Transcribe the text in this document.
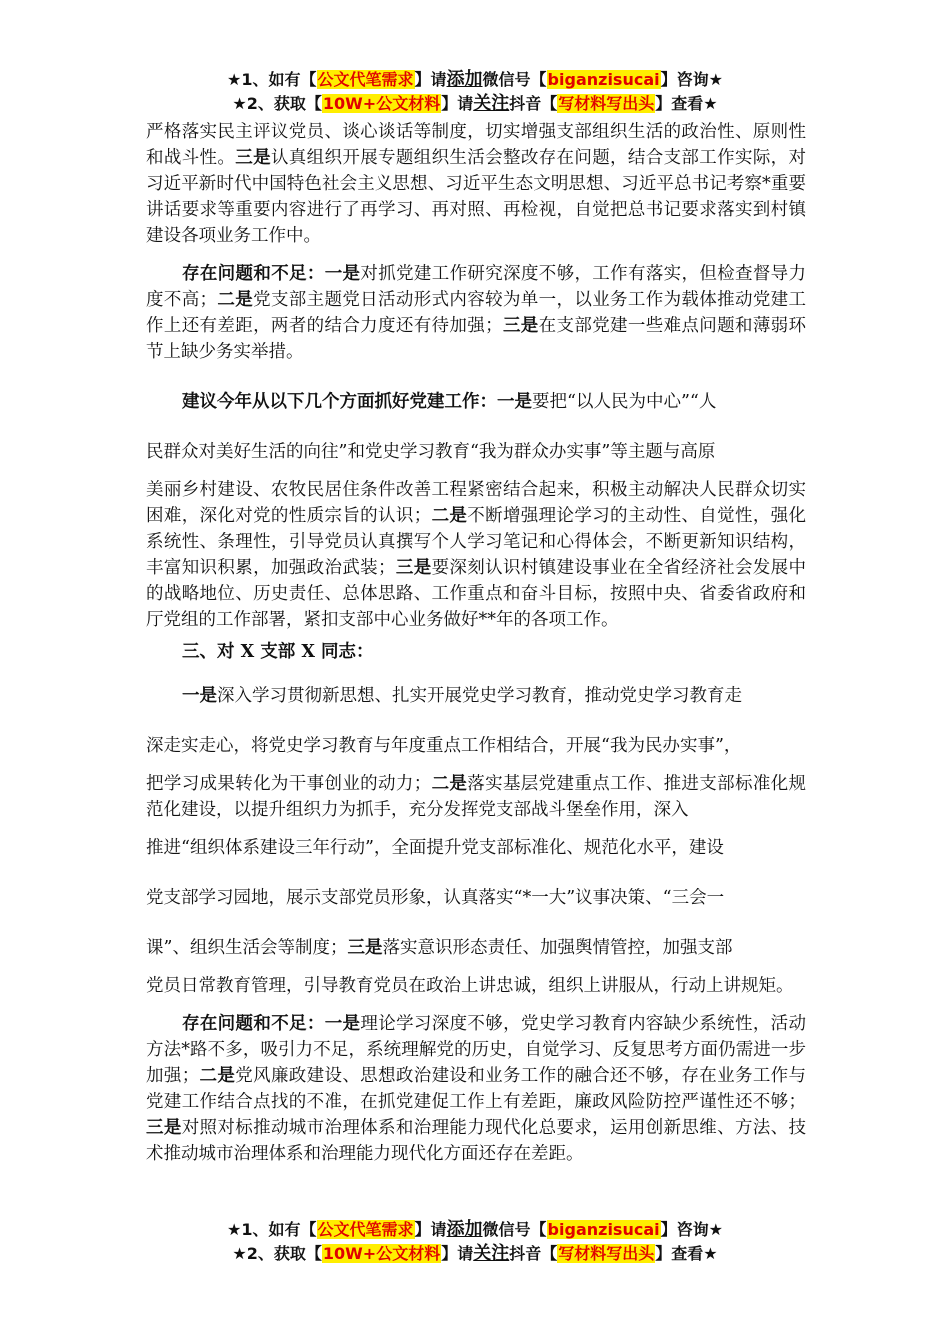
★1、如有【公文代笔需求】请添加微信号【biganzisucai】咨询★
★2、获取【10W+公文材料】请关注抖音【写材料写出头】查看★

严格落实民主评议党员、谈心谈话等制度，切实增强支部组织生活的政治性、原则性和战斗性。三是认真组织开展专题组织生活会整改存在问题，结合支部工作实际，对习近平新时代中国特色社会主义思想、习近平生态文明思想、习近平总书记考察*重要讲话要求等重要内容进行了再学习、再对照、再检视，自觉把总书记要求落实到村镇建设各项业务工作中。

存在问题和不足：一是对抓党建工作研究深度不够，工作有落实，但检查督导力度不高；二是党支部主题党日活动形式内容较为单一，以业务工作为载体推动党建工作上还有差距，两者的结合力度还有待加强；三是在支部党建一些难点问题和薄弱环节上缺少务实举措。

建议今年从以下几个方面抓好党建工作：一是要把“以人民为中心”“人

民群众对美好生活的向往”和党史学习教育“我为群众办实事”等主题与高原

美丽乡村建设、农牧民居住条件改善工程紧密结合起来，积极主动解决人民群众切实困难，深化对党的性质宗旨的认识；二是不断增强理论学习的主动性、自觉性，强化系统性、条理性，引导党员认真撰写个人学习笔记和心得体会，不断更新知识结构，丰富知识积累，加强政治武装；三是要深刻认识村镇建设事业在全省经济社会发展中的战略地位、历史责任、总体思路、工作重点和奋斗目标，按照中央、省委省政府和厅党组的工作部署，紧扣支部中心业务做好**年的各项工作。

三、对 X 支部 X 同志：

一是深入学习贯彻新思想、扎实开展党史学习教育，推动党史学习教育走

深走实走心，将党史学习教育与年度重点工作相结合，开展“我为民办实事”，

把学习成果转化为干事创业的动力；二是落实基层党建重点工作、推进支部标准化规范化建设，以提升组织力为抓手，充分发挥党支部战斗堡垒作用，深入

推进“组织体系建设三年行动”，全面提升党支部标准化、规范化水平，建设

党支部学习园地，展示支部党员形象，认真落实“*一大”议事决策、“三会一

课”、组织生活会等制度；三是落实意识形态责任、加强舆情管控，加强支部

党员日常教育管理，引导教育党员在政治上讲忠诚，组织上讲服从，行动上讲规矩。

存在问题和不足：一是理论学习深度不够，党史学习教育内容缺少系统性，活动方法*路不多，吸引力不足，系统理解党的历史，自觉学习、反复思考方面仍需进一步加强；二是党风廉政建设、思想政治建设和业务工作的融合还不够，存在业务工作与党建工作结合点找的不准，在抓党建促工作上有差距，廉政风险防控严谨性还不够；三是对照对标推动城市治理体系和治理能力现代化总要求，运用创新思维、方法、技术推动城市治理体系和治理能力现代化方面还存在差距。

★1、如有【公文代笔需求】请添加微信号【biganzisucai】咨询★
★2、获取【10W+公文材料】请关注抖音【写材料写出头】查看★
